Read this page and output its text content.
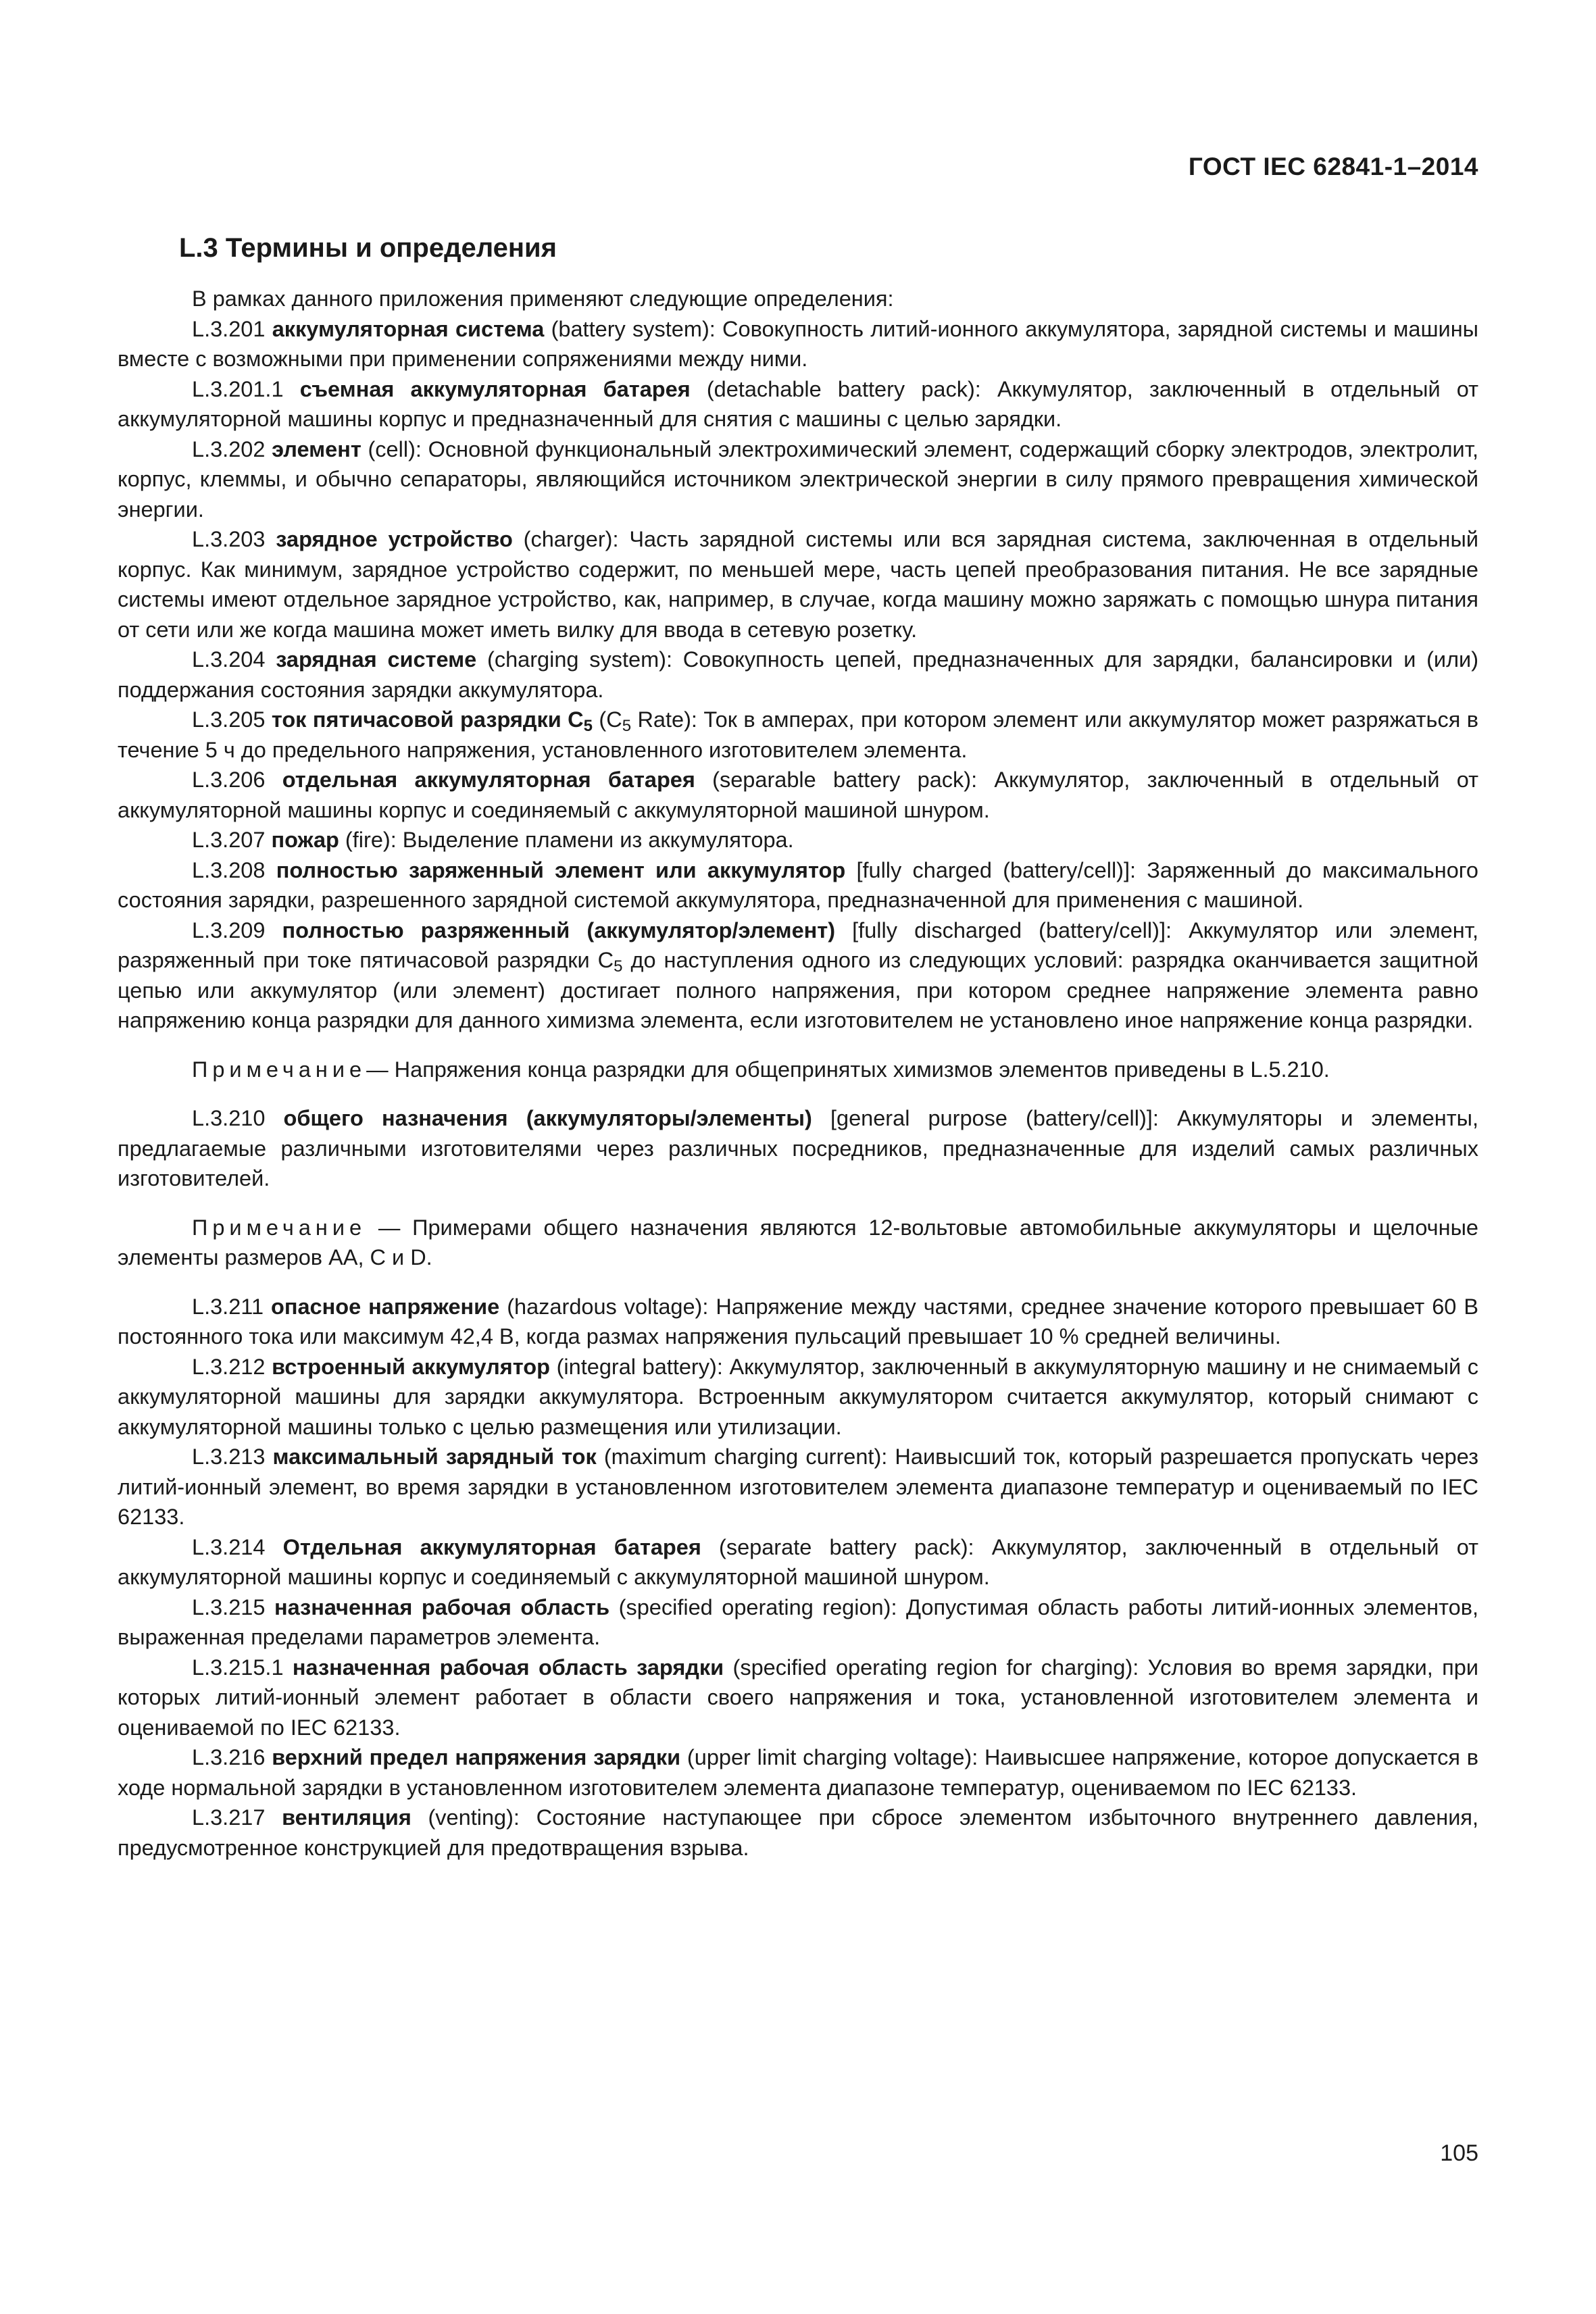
ГОСТ IEC 62841-1–2014
L.3 Термины и определения

В рамках данного приложения применяют следующие определения:

L.3.201 аккумуляторная система (battery system): Совокупность литий-ионного аккумулятора, зарядной системы и машины вместе с возможными при применении сопряжениями между ними.

L.3.201.1 съемная аккумуляторная батарея (detachable battery pack): Аккумулятор, заключенный в отдельный от аккумуляторной машины корпус и предназначенный для снятия с машины с целью зарядки.

L.3.202 элемент (cell): Основной функциональный электрохимический элемент, содержащий сборку электродов, электролит, корпус, клеммы, и обычно сепараторы, являющийся источником электрической энергии в силу прямого превращения химической энергии.

L.3.203 зарядное устройство (charger): Часть зарядной системы или вся зарядная система, заключенная в отдельный корпус. Как минимум, зарядное устройство содержит, по меньшей мере, часть цепей преобразования питания. Не все зарядные системы имеют отдельное зарядное устройство, как, например, в случае, когда машину можно заряжать с помощью шнура питания от сети или же когда машина может иметь вилку для ввода в сетевую розетку.

L.3.204 зарядная системе (charging system): Совокупность цепей, предназначенных для зарядки, балансировки и (или) поддержания состояния зарядки аккумулятора.

L.3.205 ток пятичасовой разрядки $C_5$ ($C_5$ Rate): Ток в амперах, при котором элемент или аккумулятор может разряжаться в течение 5 ч до предельного напряжения, установленного изготовителем элемента.

L.3.206 отдельная аккумуляторная батарея (separable battery pack): Аккумулятор, заключенный в отдельный от аккумуляторной машины корпус и соединяемый с аккумуляторной машиной шнуром.

L.3.207 пожар (fire): Выделение пламени из аккумулятора.

L.3.208 полностью заряженный элемент или аккумулятор [fully charged (battery/cell)]: Заряженный до максимального состояния зарядки, разрешенного зарядной системой аккумулятора, предназначенной для применения с машиной.

L.3.209 полностью разряженный (аккумулятор/элемент) [fully discharged (battery/cell)]: Аккумулятор или элемент, разряженный при токе пятичасовой разрядки $C_5$ до наступления одного из следующих условий: разрядка оканчивается защитной цепью или аккумулятор (или элемент) достигает полного напряжения, при котором среднее напряжение элемента равно напряжению конца разрядки для данного химизма элемента, если изготовителем не установлено иное напряжение конца разрядки.

Примечание— Напряжения конца разрядки для общепринятых химизмов элементов приведены в L.5.210.

L.3.210 общего назначения (аккумуляторы/элементы) [general purpose (battery/cell)]: Аккумуляторы и элементы, предлагаемые различными изготовителями через различных посредников, предназначенные для изделий самых различных изготовителей.

Примечание — Примерами общего назначения являются 12-вольтовые автомобильные аккумуляторы и щелочные элементы размеров АА, С и D.

L.3.211 опасное напряжение (hazardous voltage): Напряжение между частями, среднее значение которого превышает 60 В постоянного тока или максимум 42,4 В, когда размах напряжения пульсаций превышает 10 % средней величины.

L.3.212 встроенный аккумулятор (integral battery): Аккумулятор, заключенный в аккумуляторную машину и не снимаемый с аккумуляторной машины для зарядки аккумулятора. Встроенным аккумулятором считается аккумулятор, который снимают с аккумуляторной машины только с целью размещения или утилизации.

L.3.213 максимальный зарядный ток (maximum charging current): Наивысший ток, который разрешается пропускать через литий-ионный элемент, во время зарядки в установленном изготовителем элемента диапазоне температур и оцениваемый по IEC 62133.

L.3.214 Отдельная аккумуляторная батарея (separate battery pack): Аккумулятор, заключенный в отдельный от аккумуляторной машины корпус и соединяемый с аккумуляторной машиной шнуром.

L.3.215 назначенная рабочая область (specified operating region): Допустимая область работы литий-ионных элементов, выраженная пределами параметров элемента.

L.3.215.1 назначенная рабочая область зарядки (specified operating region for charging): Условия во время зарядки, при которых литий-ионный элемент работает в области своего напряжения и тока, установленной изготовителем элемента и оцениваемой по IEC 62133.

L.3.216 верхний предел напряжения зарядки (upper limit charging voltage): Наивысшее напряжение, которое допускается в ходе нормальной зарядки в установленном изготовителем элемента диапазоне температур, оцениваемом по IEC 62133.

L.3.217 вентиляция (venting): Состояние наступающее при сбросе элементом избыточного внутреннего давления, предусмотренное конструкцией для предотвращения взрыва.

105
